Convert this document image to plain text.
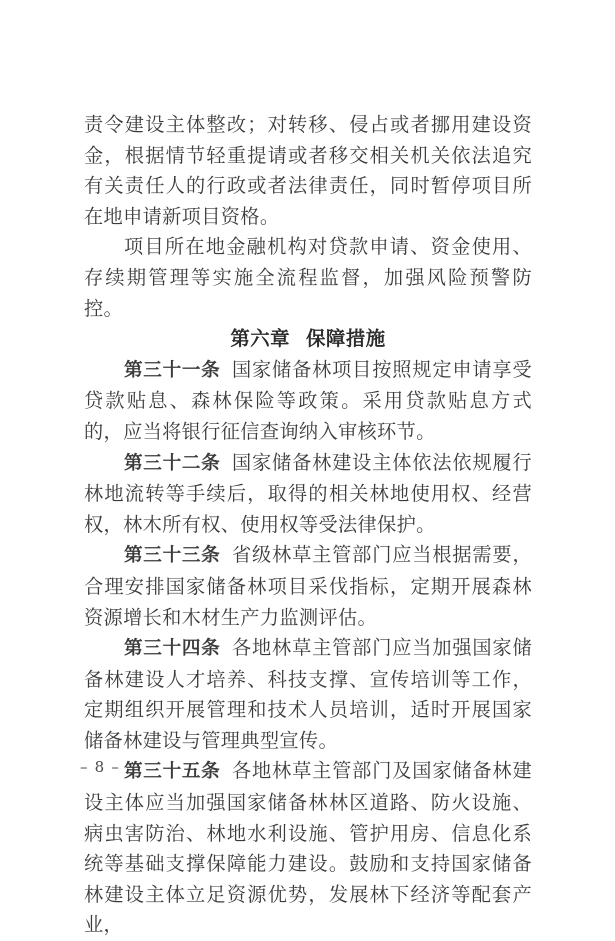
责令建设主体整改；对转移、侵占或者挪用建设资金，根据情节轻重提请或者移交相关机关依法追究有关责任人的行政或者法律责任，同时暂停项目所在地申请新项目资格。

项目所在地金融机构对贷款申请、资金使用、存续期管理等实施全流程监督，加强风险预警防控。

第六章 保障措施

第三十一条 国家储备林项目按照规定申请享受贷款贴息、森林保险等政策。采用贷款贴息方式的，应当将银行征信查询纳入审核环节。

第三十二条 国家储备林建设主体依法依规履行林地流转等手续后，取得的相关林地使用权、经营权，林木所有权、使用权等受法律保护。

第三十三条 省级林草主管部门应当根据需要，合理安排国家储备林项目采伐指标，定期开展森林资源增长和木材生产力监测评估。

第三十四条 各地林草主管部门应当加强国家储备林建设人才培养、科技支撑、宣传培训等工作，定期组织开展管理和技术人员培训，适时开展国家储备林建设与管理典型宣传。

第三十五条 各地林草主管部门及国家储备林建设主体应当加强国家储备林林区道路、防火设施、病虫害防治、林地水利设施、管护用房、信息化系统等基础支撑保障能力建设。鼓励和支持国家储备林建设主体立足资源优势，发展林下经济等配套产业，

– 8 –
